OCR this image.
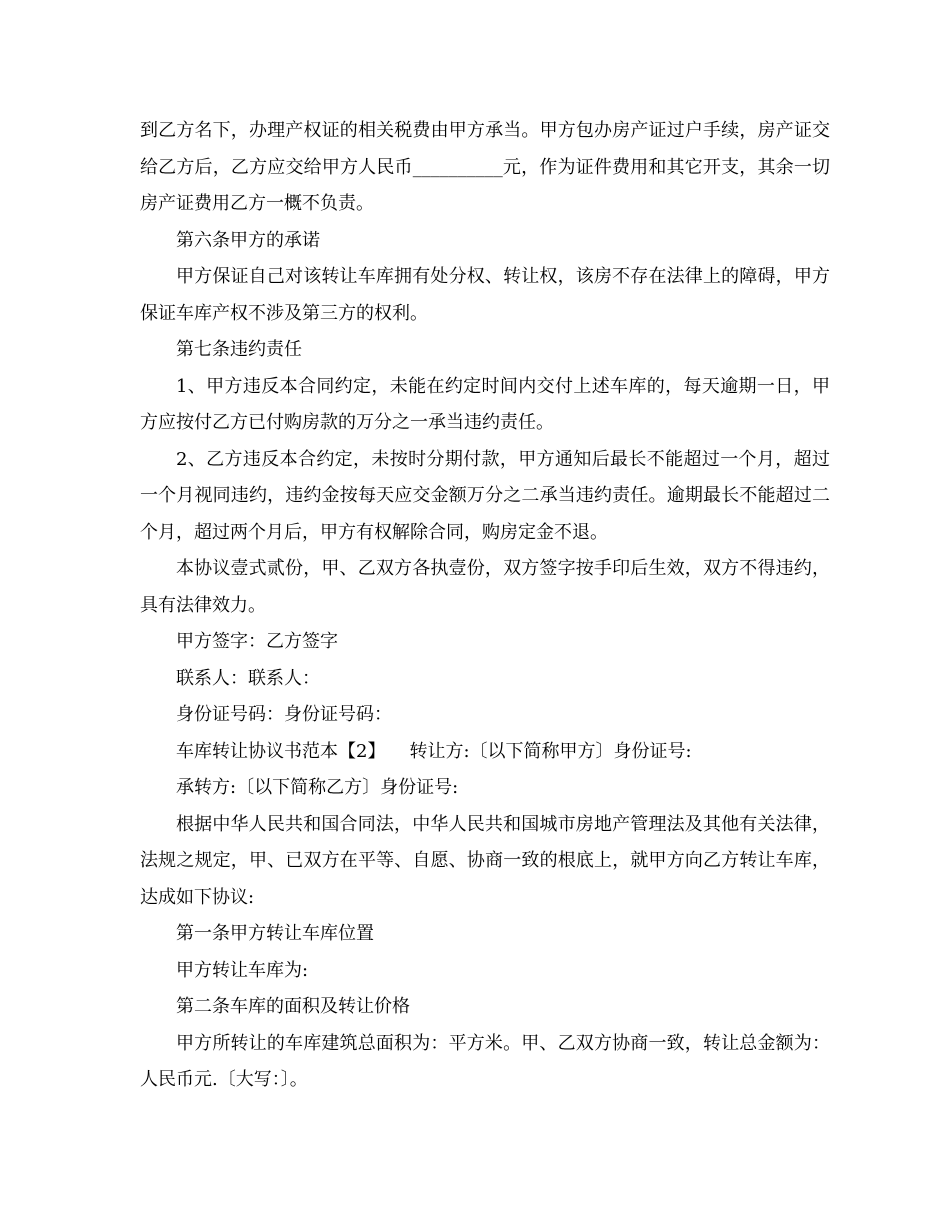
到乙方名下，办理产权证的相关税费由甲方承当。甲方包办房产证过户手续，房产证交给乙方后，乙方应交给甲方人民币__________元，作为证件费用和其它开支，其余一切房产证费用乙方一概不负责。

第六条甲方的承诺

甲方保证自己对该转让车库拥有处分权、转让权，该房不存在法律上的障碍，甲方保证车库产权不涉及第三方的权利。

第七条违约责任

1、甲方违反本合同约定，未能在约定时间内交付上述车库的，每天逾期一日，甲方应按付乙方已付购房款的万分之一承当违约责任。

2、乙方违反本合约定，未按时分期付款，甲方通知后最长不能超过一个月，超过一个月视同违约，违约金按每天应交金额万分之二承当违约责任。逾期最长不能超过二个月，超过两个月后，甲方有权解除合同，购房定金不退。

本协议壹式贰份，甲、乙双方各执壹份，双方签字按手印后生效，双方不得违约，具有法律效力。

甲方签字：乙方签字

联系人：联系人：

身份证号码：身份证号码：

车库转让协议书范本【2】 转让方:〔以下简称甲方〕身份证号:

承转方:〔以下简称乙方〕身份证号:

根据中华人民共和国合同法，中华人民共和国城市房地产管理法及其他有关法律，法规之规定，甲、已双方在平等、自愿、协商一致的根底上，就甲方向乙方转让车库，达成如下协议:

第一条甲方转让车库位置

甲方转让车库为:

第二条车库的面积及转让价格

甲方所转让的车库建筑总面积为：平方米。甲、乙双方协商一致，转让总金额为：人民币元.〔大写：〕。
